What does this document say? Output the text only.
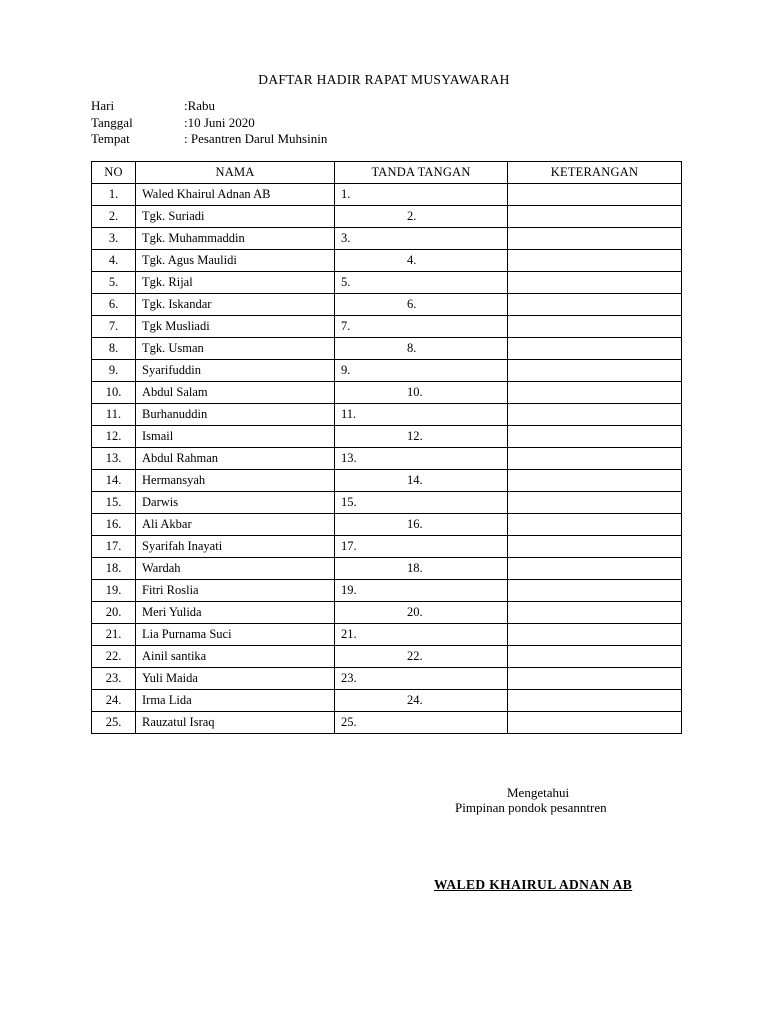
DAFTAR HADIR RAPAT MUSYAWARAH
Hari	:Rabu
Tanggal	:10 Juni 2020
Tempat	: Pesantren Darul Muhsinin
NO	NAMA	TANDA TANGAN	KETERANGAN
1.	Waled Khairul Adnan AB	1.	
2.	Tgk. Suriadi	2.	
3.	Tgk. Muhammaddin	3.	
4.	Tgk. Agus Maulidi	4.	
5.	Tgk. Rijal	5.	
6.	Tgk. Iskandar	6.	
7.	Tgk Musliadi	7.	
8.	Tgk. Usman	8.	
9.	Syarifuddin	9.	
10.	Abdul Salam	10.	
11.	Burhanuddin	11.	
12.	Ismail	12.	
13.	Abdul Rahman	13.	
14.	Hermansyah	14.	
15.	Darwis	15.	
16.	Ali Akbar	16.	
17.	Syarifah Inayati	17.	
18.	Wardah	18.	
19.	Fitri Roslia	19.	
20.	Meri Yulida	20.	
21.	Lia Purnama Suci	21.	
22.	Ainil santika	22.	
23.	Yuli Maida	23.	
24.	Irma Lida	24.	
25.	Rauzatul Israq	25.	
Mengetahui
Pimpinan pondok pesanntren
WALED KHAIRUL ADNAN AB
